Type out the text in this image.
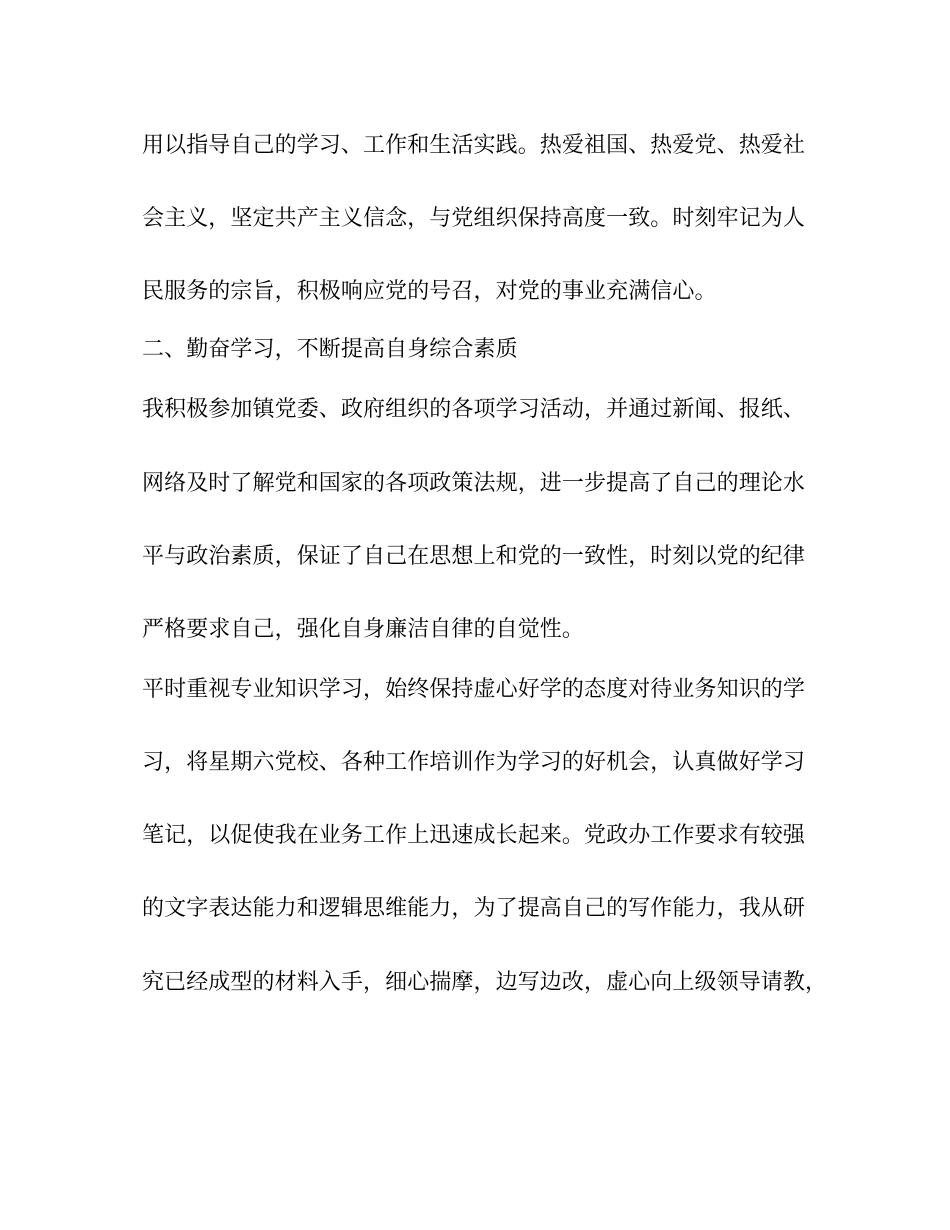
用以指导自己的学习、工作和生活实践。热爱祖国、热爱党、热爱社
会主义，坚定共产主义信念，与党组织保持高度一致。时刻牢记为人
民服务的宗旨，积极响应党的号召，对党的事业充满信心。
二、勤奋学习，不断提高自身综合素质
我积极参加镇党委、政府组织的各项学习活动，并通过新闻、报纸、
网络及时了解党和国家的各项政策法规，进一步提高了自己的理论水
平与政治素质，保证了自己在思想上和党的一致性，时刻以党的纪律
严格要求自己，强化自身廉洁自律的自觉性。
平时重视专业知识学习，始终保持虚心好学的态度对待业务知识的学
习，将星期六党校、各种工作培训作为学习的好机会，认真做好学习
笔记，以促使我在业务工作上迅速成长起来。党政办工作要求有较强
的文字表达能力和逻辑思维能力，为了提高自己的写作能力，我从研
究已经成型的材料入手，细心揣摩，边写边改，虚心向上级领导请教，
